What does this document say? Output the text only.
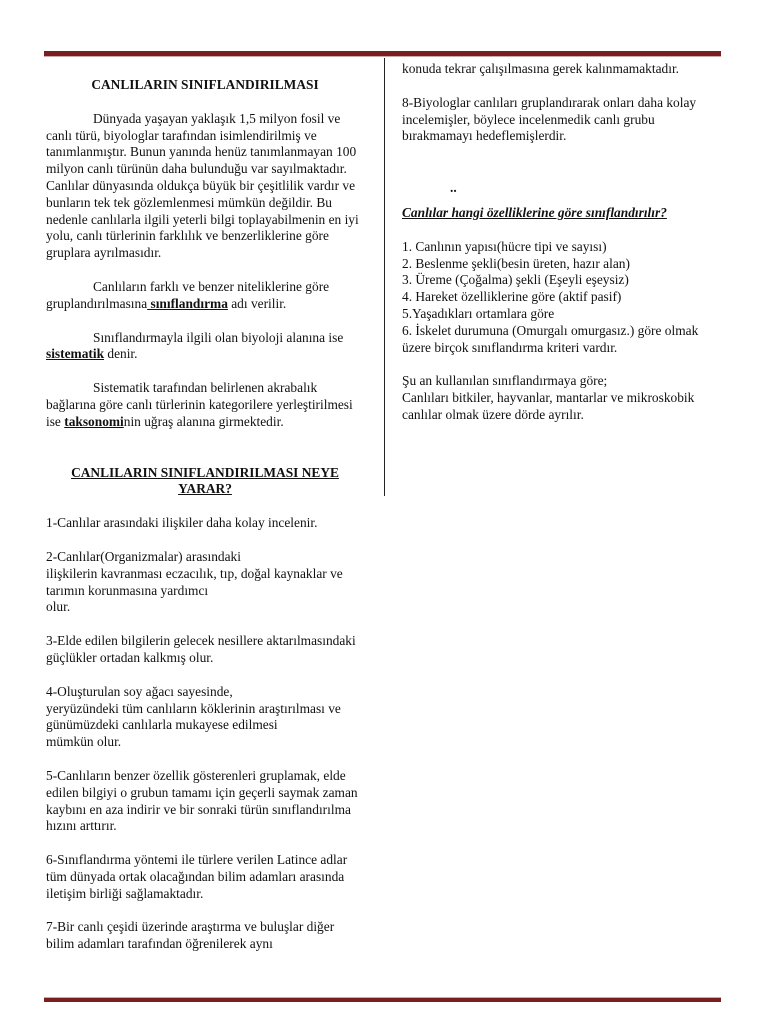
CANLILARIN SINIFLANDIRILMASI

Dünyada yaşayan yaklaşık 1,5 milyon fosil ve canlı türü, biyologlar tarafından isimlendirilmiş ve tanımlanmıştır. Bunun yanında henüz tanımlanmayan 100 milyon canlı türünün daha bulunduğu var sayılmaktadır. Canlılar dünyasında oldukça büyük bir çeşitlilik vardır ve bunların tek tek gözlemlenmesi mümkün değildir. Bu nedenle canlılarla ilgili yeterli bilgi toplayabilmenin en iyi yolu, canlı türlerinin farklılık ve benzerliklerine göre gruplara ayrılmasıdır.

Canlıların farklı ve benzer niteliklerine göre gruplandırılmasına sınıflandırma adı verilir.

Sınıflandırmayla ilgili olan biyoloji alanına ise sistematik denir.

Sistematik tarafından belirlenen akrabalık bağlarına göre canlı türlerinin kategorilere yerleştirilmesi ise taksonominin uğraş alanına girmektedir.

CANLILARIN SINIFLANDIRILMASI NEYE YARAR?

1-Canlılar arasındaki ilişkiler daha kolay incelenir.

2-Canlılar(Organizmalar) arasındaki
ilişkilerin kavranması eczacılık, tıp, doğal kaynaklar ve tarımın korunmasına yardımcı
olur.

3-Elde edilen bilgilerin gelecek nesillere aktarılmasındaki güçlükler ortadan kalkmış olur.

4-Oluşturulan soy ağacı sayesinde,
yeryüzündeki tüm canlıların köklerinin araştırılması ve günümüzdeki canlılarla mukayese edilmesi
mümkün olur.

5-Canlıların benzer özellik gösterenleri gruplamak, elde edilen bilgiyi o grubun tamamı için geçerli saymak zaman kaybını en aza indirir ve bir sonraki türün sınıflandırılma hızını arttırır.

6-Sınıflandırma yöntemi ile türlere verilen Latince adlar tüm dünyada ortak olacağından bilim adamları arasında iletişim birliği sağlamaktadır.

7-Bir canlı çeşidi üzerinde araştırma ve buluşlar diğer bilim adamları tarafından öğrenilerek aynı

konuda tekrar çalışılmasına gerek kalınmamaktadır.

8-Biyologlar canlıları gruplandırarak onları daha kolay incelemişler, böylece incelenmedik canlı grubu bırakmamayı hedeflemişlerdir.

..

Canlılar hangi özelliklerine göre sınıflandırılır?

1. Canlının yapısı(hücre tipi ve sayısı)
2. Beslenme şekli(besin üreten, hazır alan)
3. Üreme (Çoğalma) şekli (Eşeyli eşeysiz)
4. Hareket özelliklerine göre (aktif pasif)
5.Yaşadıkları ortamlara göre
6. İskelet durumuna (Omurgalı omurgasız.) göre olmak üzere birçok sınıflandırma kriteri vardır.

Şu an kullanılan sınıflandırmaya göre;
Canlıları bitkiler, hayvanlar, mantarlar ve mikroskobik canlılar olmak üzere dörde ayrılır.
